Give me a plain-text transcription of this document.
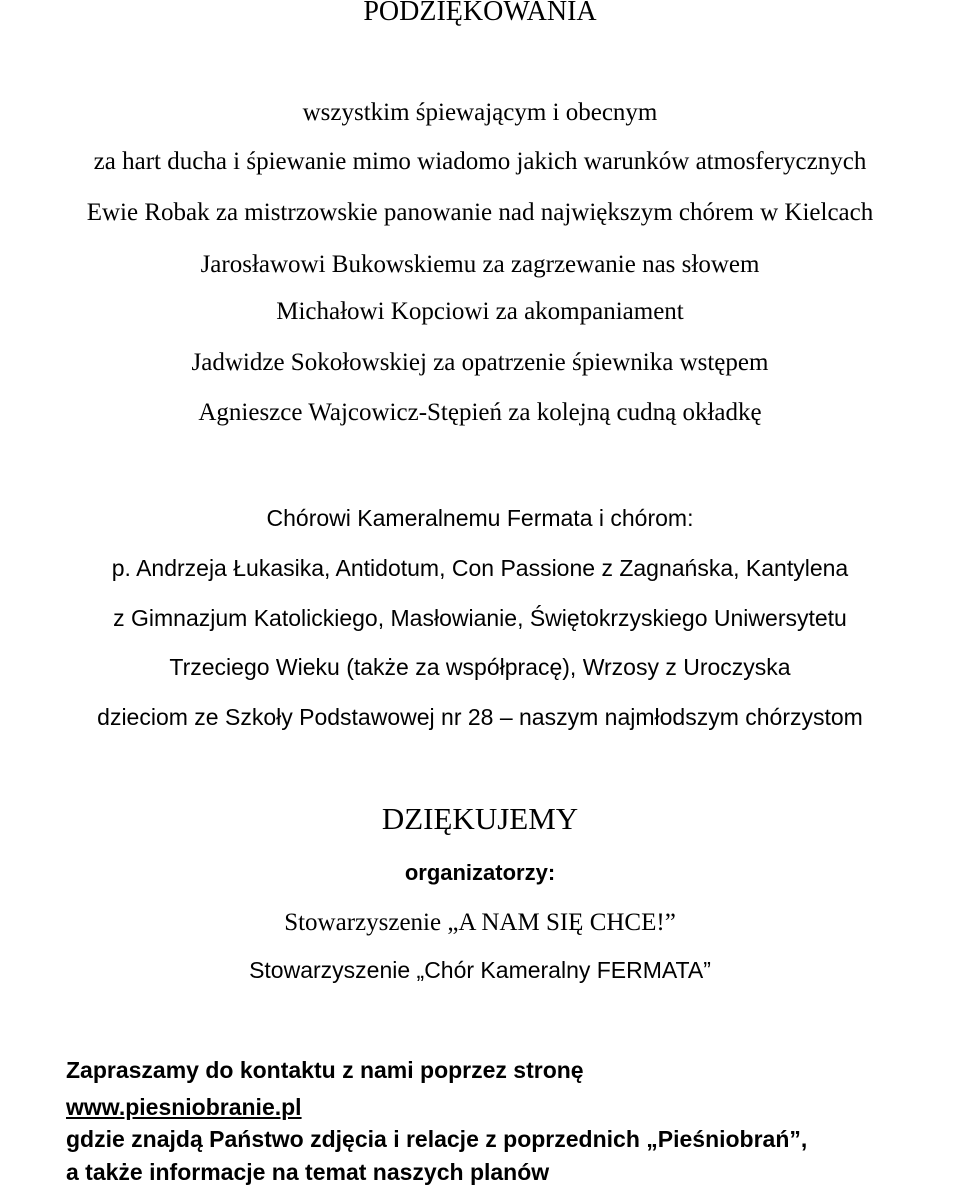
PODZIĘKOWANIA
wszystkim śpiewającym i obecnym
za hart ducha i śpiewanie mimo wiadomo jakich warunków atmosferycznych
Ewie Robak za mistrzowskie panowanie nad największym chórem w Kielcach
Jarosławowi Bukowskiemu za zagrzewanie nas słowem
Michałowi Kopciowi za akompaniament
Jadwidze Sokołowskiej za opatrzenie śpiewnika wstępem
Agnieszce Wajcowicz-Stępień za kolejną cudną okładkę
Chórowi Kameralnemu Fermata i chórom:
p. Andrzeja Łukasika, Antidotum, Con Passione z Zagnańska, Kantylena
z Gimnazjum Katolickiego, Masłowianie, Świętokrzyskiego Uniwersytetu
Trzeciego Wieku (także za współpracę), Wrzosy z Uroczyska
dzieciom ze Szkoły Podstawowej nr 28 – naszym najmłodszym chórzystom
DZIĘKUJEMY
organizatorzy:
Stowarzyszenie „A NAM SIĘ CHCE!”
Stowarzyszenie „Chór Kameralny FERMATA”
Zapraszamy do kontaktu z nami poprzez stronę
www.piesniobranie.pl
gdzie znajdą Państwo zdjęcia i relacje z poprzednich „Pieśniobrań”,
a także informacje na temat naszych planów
